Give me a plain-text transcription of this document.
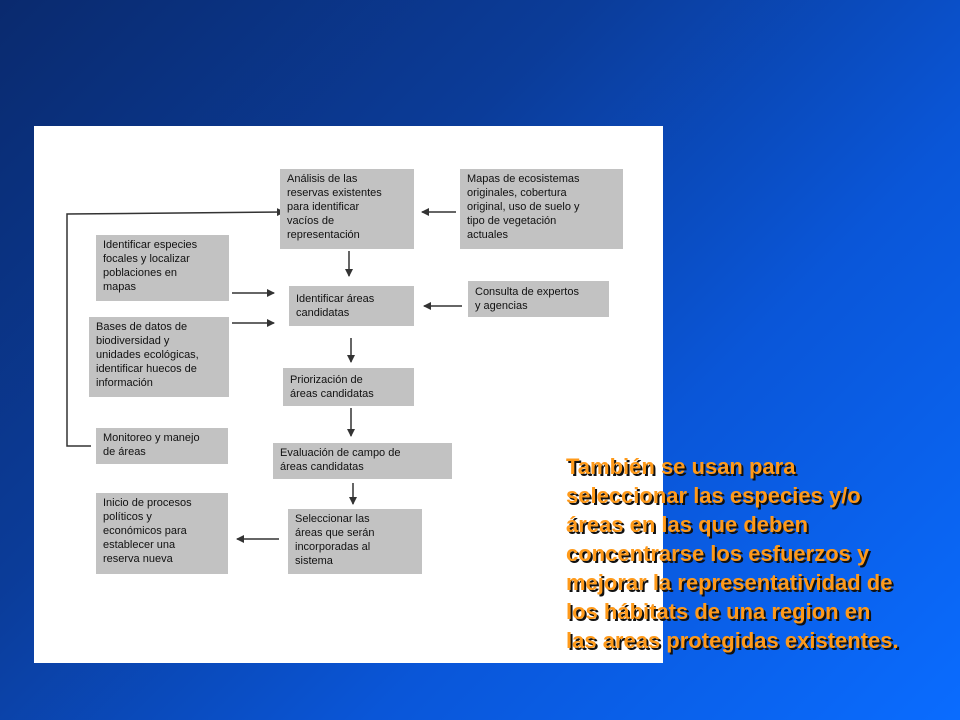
Análisis de las
reservas existentes
para identificar
vacíos de
representación
Mapas de ecosistemas
originales, cobertura
original, uso de suelo y
tipo de vegetación
actuales
Identificar especies
focales y localizar
poblaciones en
mapas
Identificar áreas
candidatas
Consulta de expertos
y agencias
Bases de datos de
biodiversidad y
unidades ecológicas,
identificar huecos de
información	Priorización de
áreas candidatas
Monitoreo y manejo
de áreas	Evaluación de campo de
áreas candidatas
Inicio de procesos
políticos y
económicos para
establecer una
reserva nueva
Seleccionar las
áreas que serán
incorporadas al
sistema

También se usan para
seleccionar las especies y/o
áreas en las que deben
concentrarse los esfuerzos y
mejorar la representatividad de
los hábitats de una region en
las areas protegidas existentes.
